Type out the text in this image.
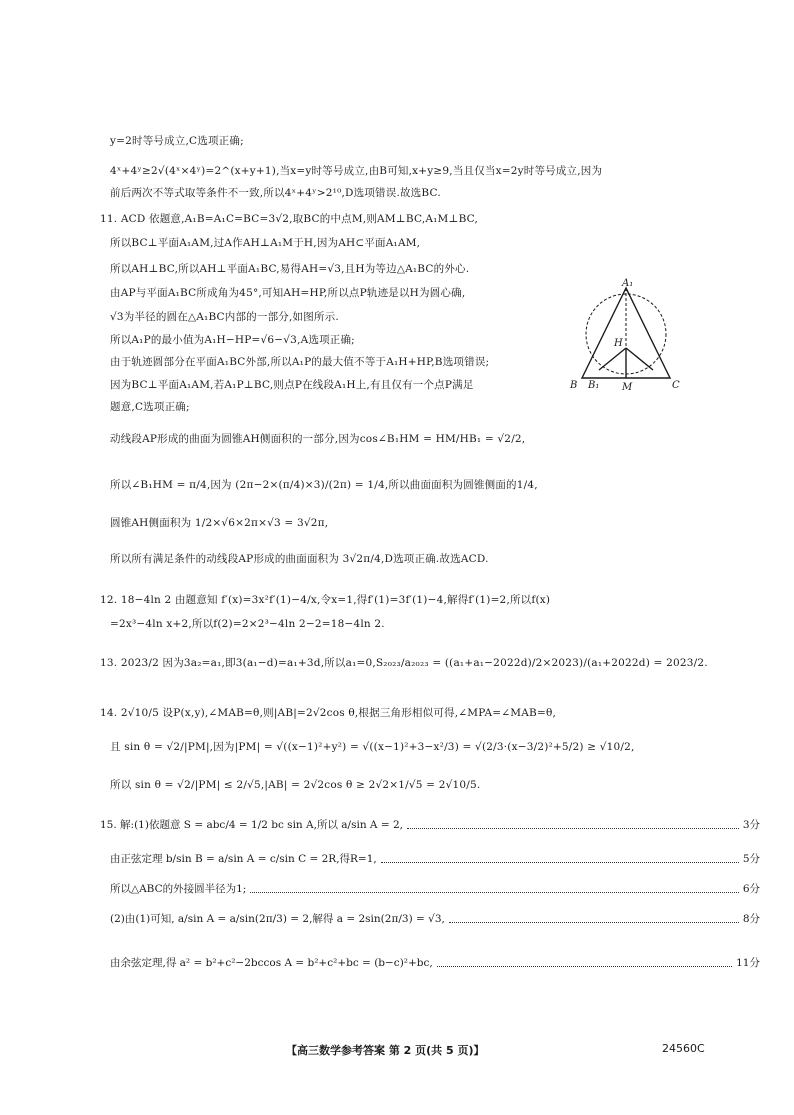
y=2时等号成立,C选项正确;
4ˣ+4ʸ≥2√(4ˣ×4ʸ)=2^(x+y+1),当x=y时等号成立,由B可知,x+y≥9,当且仅当x=2y时等号成立,因为
前后两次不等式取等条件不一致,所以4ˣ+4ʸ>2¹⁰,D选项错误.故选BC.
11. ACD 依题意,A₁B=A₁C=BC=3√2,取BC的中点M,则AM⊥BC,A₁M⊥BC,
所以BC⊥平面A₁AM,过A作AH⊥A₁M于H,因为AH⊂平面A₁AM,
所以AH⊥BC,所以AH⊥平面A₁BC,易得AH=√3,且H为等边△A₁BC的外心.
由AP与平面A₁BC所成角为45°,可知AH=HP,所以点P轨迹是以H为圆心确,
√3为半径的圆在△A₁BC内部的一部分,如图所示.
所以A₁P的最小值为A₁H−HP=√6−√3,A选项正确;
由于轨迹圆部分在平面A₁BC外部,所以A₁P的最大值不等于A₁H+HP,B选项错误;
因为BC⊥平面A₁AM,若A₁P⊥BC,则点P在线段A₁H上,有且仅有一个点P满足
题意,C选项正确;
动线段AP形成的曲面为圆锥AH侧面积的一部分,因为cos∠B₁HM = HM/HB₁ = √2/2,
所以∠B₁HM = π/4,因为 (2π−2×(π/4)×3)/(2π) = 1/4,所以曲面面积为圆锥侧面的1/4,
圆锥AH侧面积为 1/2×√6×2π×√3 = 3√2π,
所以所有满足条件的动线段AP形成的曲面面积为 3√2π/4,D选项正确.故选ACD.
12. 18−4ln 2 由题意知 f′(x)=3x²f′(1)−4/x,令x=1,得f′(1)=3f′(1)−4,解得f′(1)=2,所以f(x)
=2x³−4ln x+2,所以f(2)=2×2³−4ln 2−2=18−4ln 2.
13. 2023/2 因为3a₂=a₁,即3(a₁−d)=a₁+3d,所以a₁=0,S₂₀₂₃/a₂₀₂₃ = ((a₁+a₁−2022d)/2×2023)/(a₁+2022d) = 2023/2.
14. 2√10/5 设P(x,y),∠MAB=θ,则|AB|=2√2cos θ,根据三角形相似可得,∠MPA=∠MAB=θ,
且 sin θ = √2/|PM|,因为|PM| = √((x−1)²+y²) = √((x−1)²+3−x²/3) = √(2/3·(x−3/2)²+5/2) ≥ √10/2,
所以 sin θ = √2/|PM| ≤ 2/√5,|AB| = 2√2cos θ ≥ 2√2×1/√5 = 2√10/5.
15. 解:(1)依题意 S = abc/4 = 1/2 bc sin A,所以 a/sin A = 2,	3分
由正弦定理 b/sin B = a/sin A = c/sin C = 2R,得R=1,	5分
所以△ABC的外接圆半径为1;	6分
(2)由(1)可知, a/sin A = a/sin(2π/3) = 2,解得 a = 2sin(2π/3) = √3,	8分
由余弦定理,得 a² = b²+c²−2bccos A = b²+c²+bc = (b−c)²+bc,	11分
A₁
H
B B₁ M	C
【高三数学参考答案 第 2 页(共 5 页)】	24560C
